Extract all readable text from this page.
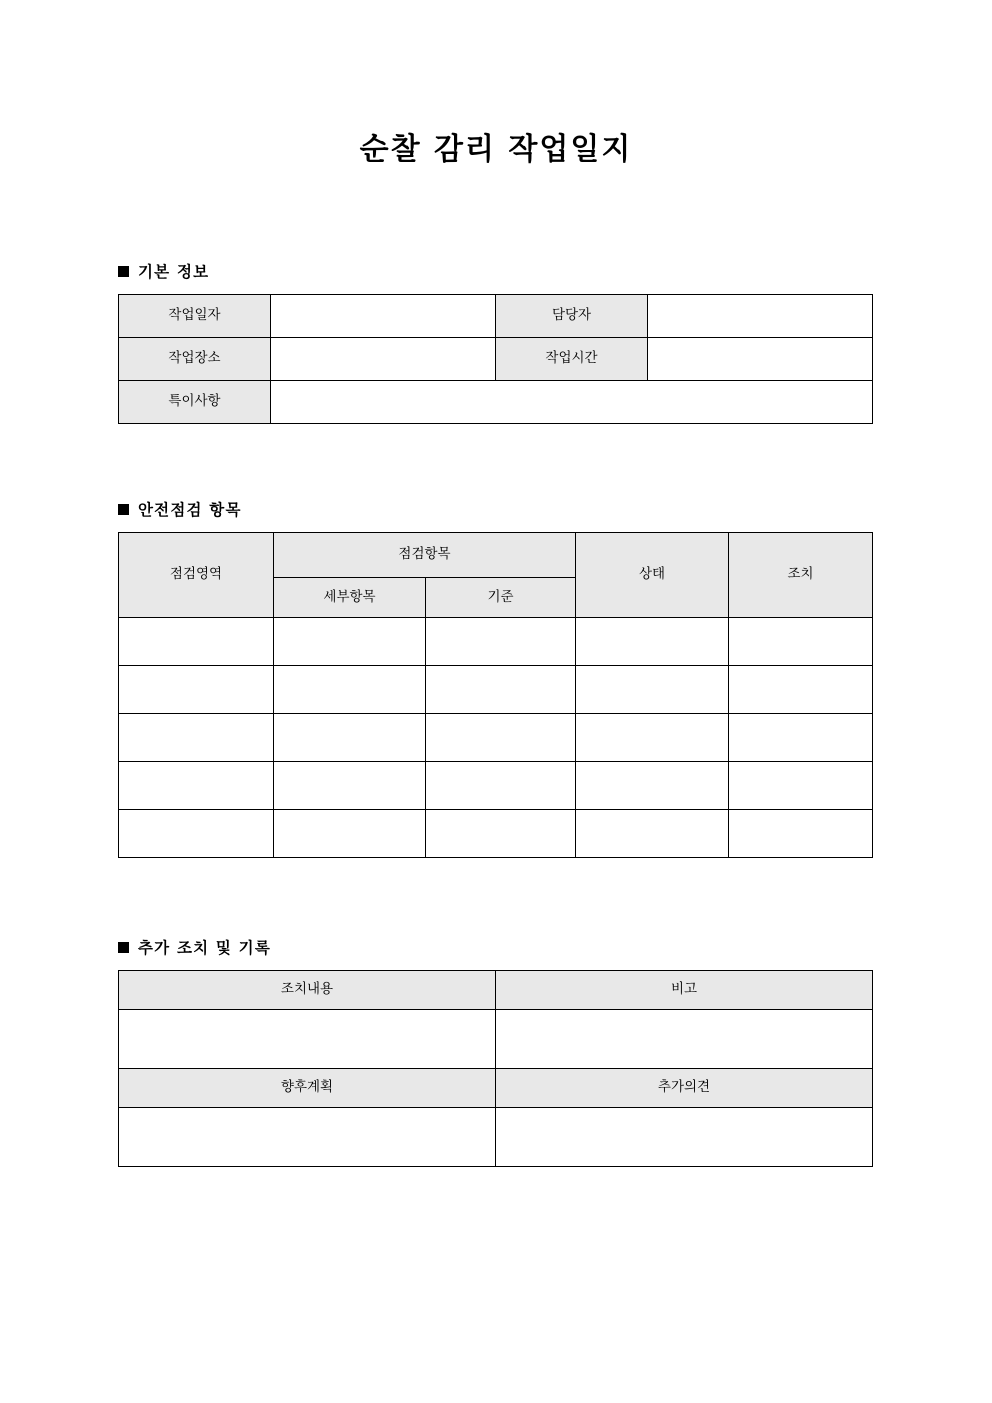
순찰 감리 작업일지
기본 정보
작업일자		담당자	
작업장소		작업시간	
특이사항			
안전점검 항목
점검영역	점검항목		상태	조치
	세부항목	기준		

추가 조치 및 기록
조치내용	비고

향후계획	추가의견
